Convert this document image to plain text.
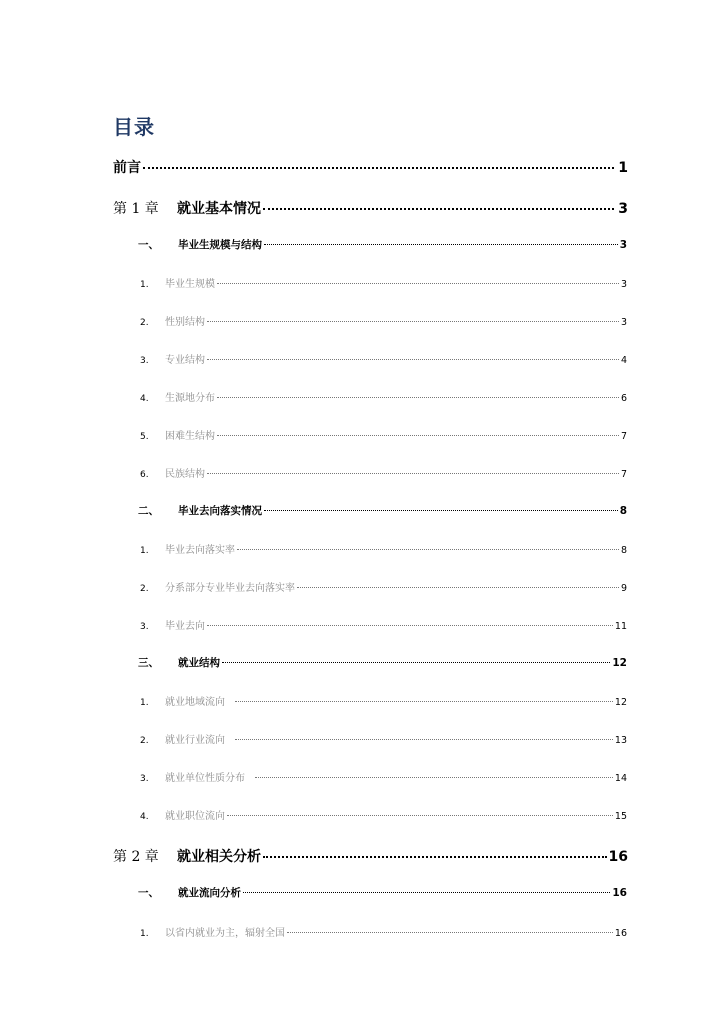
目录
前言	1
第 1 章	就业基本情况	3
一、	毕业生规模与结构	3
1.	毕业生规模	3
2.	性别结构	3
3.	专业结构	4
4.	生源地分布	6
5.	困难生结构	7
6.	民族结构	7
二、	毕业去向落实情况	8
1.	毕业去向落实率	8
2.	分系部分专业毕业去向落实率	9
3.	毕业去向	11
三、	就业结构	12
1.	就业地域流向	12
2.	就业行业流向	13
3.	就业单位性质分布	14
4.	就业职位流向	15
第 2 章	就业相关分析	16
一、	就业流向分析	16
1.	以省内就业为主，辐射全国	16
